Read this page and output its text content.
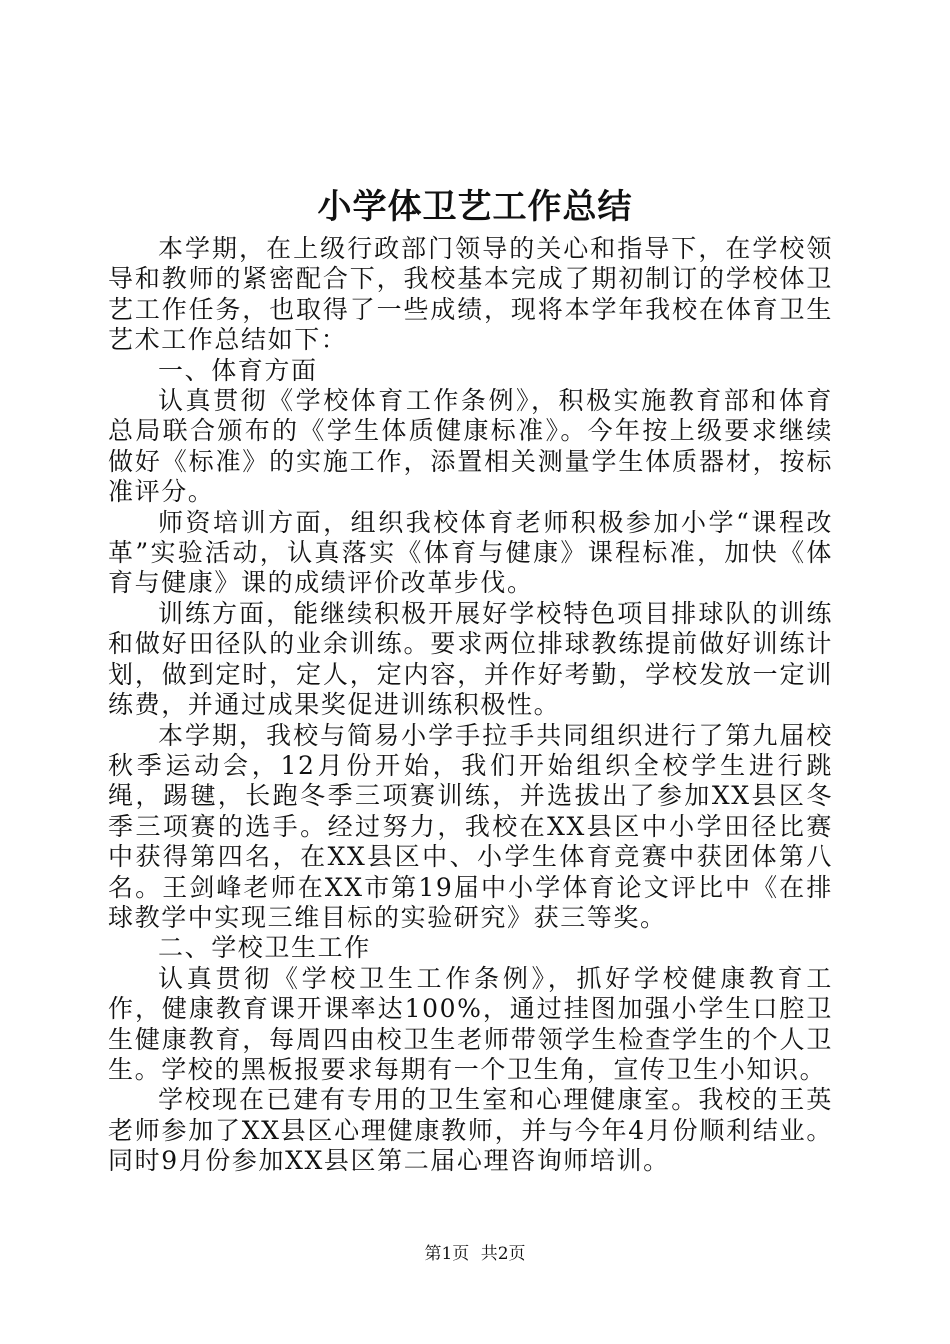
小学体卫艺工作总结

本学期，在上级行政部门领导的关心和指导下，在学校领导和教师的紧密配合下，我校基本完成了期初制订的学校体卫艺工作任务，也取得了一些成绩，现将本学年我校在体育卫生艺术工作总结如下：

一、体育方面

认真贯彻《学校体育工作条例》，积极实施教育部和体育总局联合颁布的《学生体质健康标准》。今年按上级要求继续做好《标准》的实施工作，添置相关测量学生体质器材，按标准评分。

师资培训方面，组织我校体育老师积极参加小学“课程改革”实验活动，认真落实《体育与健康》课程标准，加快《体育与健康》课的成绩评价改革步伐。

训练方面，能继续积极开展好学校特色项目排球队的训练和做好田径队的业余训练。要求两位排球教练提前做好训练计划，做到定时，定人，定内容，并作好考勤，学校发放一定训练费，并通过成果奖促进训练积极性。

本学期，我校与简易小学手拉手共同组织进行了第九届校秋季运动会，12月份开始，我们开始组织全校学生进行跳绳，踢毽，长跑冬季三项赛训练，并选拔出了参加XX县区冬季三项赛的选手。经过努力，我校在XX县区中小学田径比赛中获得第四名，在XX县区中、小学生体育竞赛中获团体第八名。王剑峰老师在XX市第19届中小学体育论文评比中《在排球教学中实现三维目标的实验研究》获三等奖。

二、学校卫生工作

认真贯彻《学校卫生工作条例》，抓好学校健康教育工作，健康教育课开课率达100%，通过挂图加强小学生口腔卫生健康教育，每周四由校卫生老师带领学生检查学生的个人卫生。学校的黑板报要求每期有一个卫生角，宣传卫生小知识。

学校现在已建有专用的卫生室和心理健康室。我校的王英老师参加了XX县区心理健康教师，并与今年4月份顺利结业。同时9月份参加XX县区第二届心理咨询师培训。

第1页 共2页
